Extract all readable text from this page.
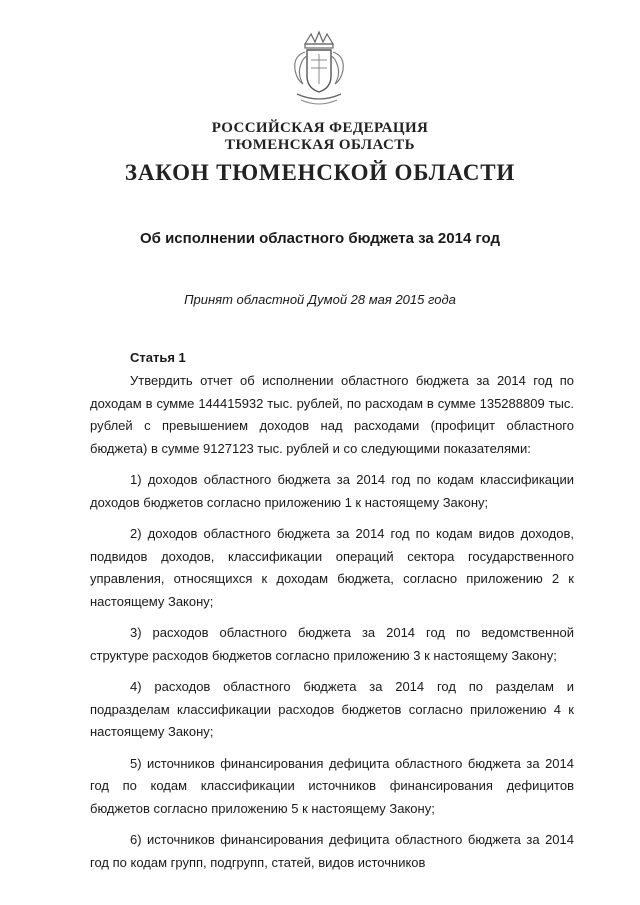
РОССИЙСКАЯ ФЕДЕРАЦИЯ
ТЮМЕНСКАЯ ОБЛАСТЬ
ЗАКОН ТЮМЕНСКОЙ ОБЛАСТИ
Об исполнении областного бюджета за 2014 год
Принят областной Думой 28 мая 2015 года
Статья 1

Утвердить отчет об исполнении областного бюджета за 2014 год по доходам в сумме 144415932 тыс. рублей, по расходам в сумме 135288809 тыс. рублей с превышением доходов над расходами (профицит областного бюджета) в сумме 9127123 тыс. рублей и со следующими показателями:

1) доходов областного бюджета за 2014 год по кодам классификации доходов бюджетов согласно приложению 1 к настоящему Закону;

2) доходов областного бюджета за 2014 год по кодам видов доходов, подвидов доходов, классификации операций сектора государственного управления, относящихся к доходам бюджета, согласно приложению 2 к настоящему Закону;

3) расходов областного бюджета за 2014 год по ведомственной структуре расходов бюджетов согласно приложению 3 к настоящему Закону;

4) расходов областного бюджета за 2014 год по разделам и подразделам классификации расходов бюджетов согласно приложению 4 к настоящему Закону;

5) источников финансирования дефицита областного бюджета за 2014 год по кодам классификации источников финансирования дефицитов бюджетов согласно приложению 5 к настоящему Закону;

6) источников финансирования дефицита областного бюджета за 2014 год по кодам групп, подгрупп, статей, видов источников
